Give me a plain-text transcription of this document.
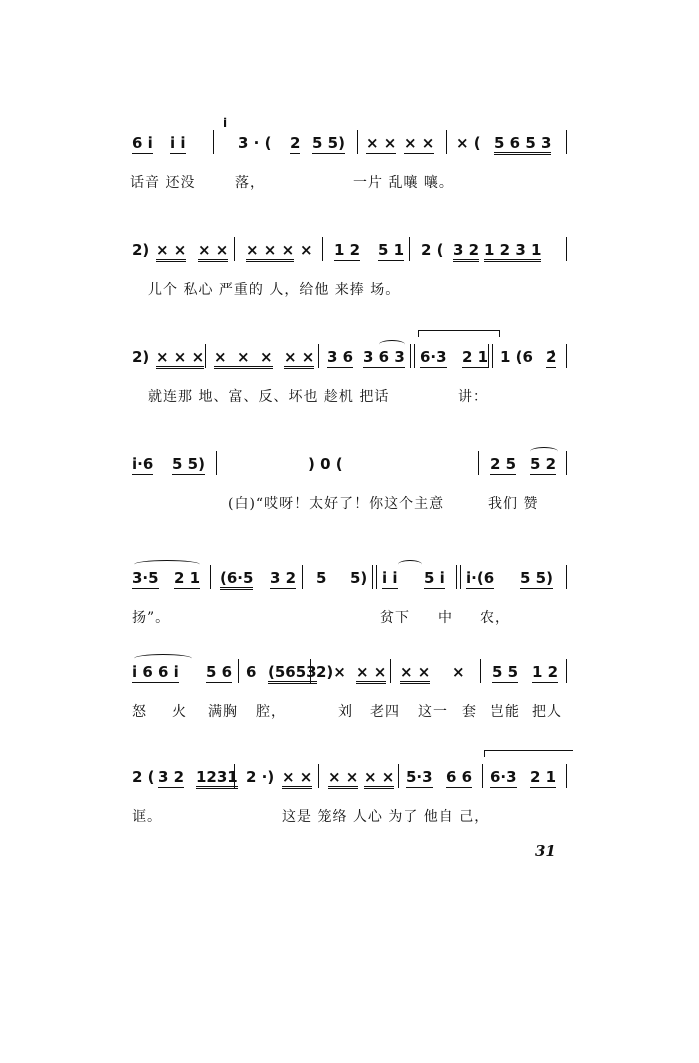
6 i̇ i̇ i̇
i̇
3 · ( 2 5 5) × × × × × ( 5 6 5 3
话音 还没	落，	一片 乱嚷 嚷。
2) × × × × × × × × 1 2 5 1 2 ( 3 2 1 2 3 1
儿个 私心 严重的 人，给他 来捧 场。
2) × × × ×  ×  × × × 3 6 3 6 3 6·3 2 1 1 (6 2̇
就连那 地、富、反、坏也 趁机 把话	讲：
i̇·6 5 5)	) 0 (	2 5 5 2
(白)“哎呀！太好了！你这个主意	我们 赞
3·5 2 1 (6·5 3 2 5 5) i̇ i̇ 5 i̇ i̇·(6 5 5)
扬”。	贫下 中 农，
i̇ 6 6 i̇ 5 6 6 (5653 2)× × × × × × 5 5 1 2
怒 火 满胸 腔，	刘 老四 这一 套 岂能 把人
2 ( 3 2 1231 2 ·) × × × × × × 5·3 6 6 6·3 2 1
诓。	这是 笼络 人心 为了 他自 己，
31
